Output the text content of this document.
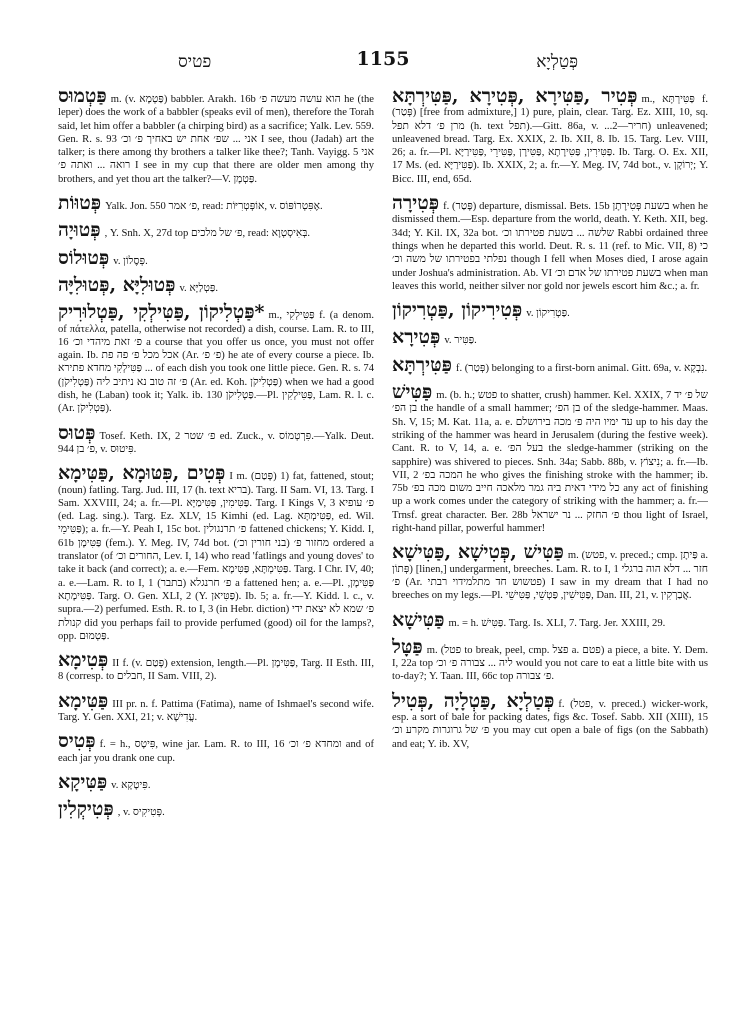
פטיס	1155	פְּטַלְיָא

פַּטְמוּס m. (v. פַּטְמָא) babbler. Arakh. 16b הוא עושה מעשה פ׳ he (the leper) does the work of a babbler (speaks evil of men), therefore the Torah said, let him offer a babbler (a chirping bird) as a sacrifice; Yalk. Lev. 559. Gen. R. s. 93 אני ... שפ׳ אחת יש באחיך פ׳ וכ׳ I see, thou (Jadah) art the talker; is there among thy brothers a talker like thee?; Tanh. Vayigg. 5 אני רואה ... ואתה פ׳ I see in my cup that there are older men among thy brothers, and yet thou art the talker?—V. פַּטְמָן.

פְּטוּוֹת Yalk. Jon. 550 פ׳ אמר, read: אוֹפְּטְרִיּוֹת, v. אֶפִּטְרוֹפּוֹס.

פְּטוּיָה , Y. Snh. X, 27d top פ׳ של מלכים, read: בְּאִיסְטְוָא.

פְּטוּלוֹס v. פְּסֶלוֹן.

פְּטוּלִיָּא ,פְּטוּלִיָּה v. פַּטְלַיָּא.

*פַּטְלִיקוֹן ,פַּטִּילְקִי ,פַּטְלוּרִיק m., פַּטִּילְקִי f. (a denom. of πάτελλα, patella, otherwise not recorded) a dish, course. Lam. R. to III, 16 פ׳ זאת מיהדי וכ׳ a course that you offer us once, you must not offer again. Ib. אכל מכל פ׳ פה פת (Ar. פ׳ פ׳) he ate of every course a piece. Ib. פַּטִּילְקִי מחדא פתירא ... of each dish you took one little piece. Gen. R. s. 74 (פַּטְלִיקֹן) פ׳ זה טוב נא ניתיב ליה (Ar. ed. Koh. פַּטְלִיקֹן) when we had a good dish, he (Laban) took it; Yalk. ib. 130 פַּטְלִיקֹן.—Pl. פַּטִּילְקִין, Lam. R. l. c. (Ar. פַּטְלִיקֹן).

פְּטוּס Tosef. Keth. IX, 2 פ׳ שטר ed. Zuck., v. פִּרְטְמוֹס.—Yalk. Deut. 944 פ׳ בן, v. פִּיטוּס.

פְּטִים ,פִּטּוּמָא ,פַּטִּימָא I m. (פָּטַם) 1) fat, fattened, stout; (noun) fatling. Targ. Jud. III, 17 (h. text בריא). Targ. II Sam. VI, 13. Targ. I Sam. XXVIII, 24; a. fr.—Pl. פַּטִּימִין, פַּטִּימַיָּא. Targ. I Kings V, 3 פ׳ עופיא (ed. Lag. sing.). Targ. Ez. XLV, 15 Kimhi (ed. Lag. פַּטִּימְתָּא, ed. Wil. פַּטִּימֵי); a. fr.—Y. Peah I, 15c bot. פ׳ תרנגולין fattened chickens; Y. Kidd. I, 61b פַּטִּימָן (fem.). Y. Meg. IV, 74d bot. מחזור פ׳ (בני חורין וכ׳) ordered a translator (of החורים וכ׳, Lev. I, 14) who read 'fatlings and young doves' to take it back (and correct); a. e.—Fem. פַּטִּימְתָּא, פַּטִּימָא. Targ. I Chr. IV, 40; a. e.—Lam. R. to I, 1 (בתבר) פ׳ חרנגלא a fattened hen; a. e.—Pl. פַּטִּימָן, פַּטִּימָתָא. Targ. O. Gen. XLI, 2 (Y. פַּטִּיאן). Ib. 5; a. fr.—Y. Kidd. l. c., v. supra.—2) perfumed. Esth. R. to I, 3 (in Hebr. diction) פ׳ שמא לא יצאת ידי קנולת did you perhaps fail to provide perfumed (good) oil for the lamps?, opp. פַּטְמוּם.

פְּטִימָא II f. (v. פָּטַם) extension, length.—Pl. פַּטִּימָן, Targ. II Esth. III, 8 (corresp. to חבלים, II Sam. VIII, 2).

פַּטִּימָא III pr. n. f. Pattima (Fatima), name of Ishmael's second wife. Targ. Y. Gen. XXI, 21; v. עֲדִישָׁא.

פְּטִיס f. = h., פִּיטָס, wine jar. Lam. R. to III, 16 ומחדא פ׳ וכ׳ and of each jar you drank one cup.

פַּטִּיקָא v. פִּיטָקָא.

פְּטִיקְלִין , v. פְּטִיקִיס.

פְּטִיר ,פַּטִּירָא ,פְּטִירָא ,פַּטִּירְתָּא m., פַּטִּירְתָּא f. (פְּטַר) [free from admixture,] 1) pure, plain, clear. Targ. Ez. XIII, 10, sq. מרן פ׳ דלא תפל (h. text תפל).—Gitt. 86a, v. ...חריר—2) unleavened; unleavened bread. Targ. Ex. XXIX, 2. Ib. XII, 8. Ib. 15. Targ. Lev. VIII, 26; a. fr.—Pl. פַּטִּירִין, פַּטִּירָתָא ,פַּטִּירָן ,פַּטִּירֵי ,פַּטִּירַיָּא. Ib. Targ. O. Ex. XII, 17 Ms. (ed. פַּטִּירַיָּא). Ib. XXIX, 2; a. fr.—Y. Meg. IV, 74d bot., v. יְרוֹקָן; Y. Bicc. III, end, 65d.

פְּטִירָה f. (פָּטַר) departure, dismissal. Bets. 15b בשעת פְּטִירָתָן when he dismissed them.—Esp. departure from the world, death. Y. Keth. XII, beg. 34d; Y. Kil. IX, 32a bot. שלשה ... בשעת פטירתו וכ׳ Rabbi ordained three things when he departed this world. Deut. R. s. 11 (ref. to Mic. VII, 8) כי נפלתי בפטירתו של משה וכ׳ though I fell when Moses died, I arose again under Joshua's administration. Ab. VI בשעת פטירתו של אדם וכ׳ when man leaves this world, neither silver nor gold nor jewels escort him &c.; a. fr.

פְּטִירִיקוֹן ,פַּטְרִיקוֹן v. פַּטְרִיקוֹן.

פְּטִירָא v. פַּטִּיר.

פַּטִּירְתָּא f. (פְּטַר) belonging to a first-born animal. Gitt. 69a, v. נִבְקָא.

פַּטִּישׁ m. (b. h.; פטש to shatter, crush) hammer. Kel. XXIX, 7 של פ׳ יד בן הפ׳ the handle of a small hammer; בן הפ׳ of the sledge-hammer. Maas. Sh. V, 15; M. Kat. 11a, a. e. עד ימיו היה פ׳ מכה בירושלם up to his day the striking of the hammer was heard in Jerusalem (during the festive week). Cant. R. to V, 14, a. e. בעל הפ׳ the sledge-hammer (striking on the sapphire) was shivered to pieces. Snh. 34a; Sabb. 88b, v. נִיצוֹץ; a. fr.—Ib. VII, 2 המכה בפ׳ he who gives the finishing stroke with the hammer; ib. 75b כל מידי דאית ביה גמר מלאכה חייב משום מכה בפ׳ any act of finishing up a work comes under the category of striking with the hammer; a. fr.—Trnsf. great character. Ber. 28b פ׳ החזק ... נר ישראל thou light of Israel, right-hand pillar, powerful hammer!

פַּטִּישׁ ,פְּטִישָׁא ,פַּטִּישָׁא m. (פטש, v. preced.; cmp. פַּיתָן a. פְּתוֹן) [linen,] undergarment, breeches. Lam. R. to I, 1 חזר ... דלא הוה ברגלי פ׳ (Ar. פטשוש חד מתלמידוי רבתי) I saw in my dream that I had no breeches on my legs.—Pl. פַּטִּישִׁין, פַּטְשֵׁי, פַּטִּישֵׁי, Dan. III, 21, v. אֲבַרְקִין.

פַּטִּישָׁא m. = h. פַּטִּישׁ. Targ. Is. XLI, 7. Targ. Jer. XXIII, 29.

פַּטָּל m. (פטל to break, peel, cmp. פצל a. פטם) a piece, a bite. Y. Dem. I, 22a top ליה ... צבורה פ׳ וכ׳ would you not care to eat a little bite with us to-day?; Y. Taan. III, 66c top פ׳ צבורה.

פְּטַלְיָא ,פַּטְלָיָה ,פְּטִיל f. (פטל, v. preced.) wicker-work, esp. a sort of bale for packing dates, figs &c. Tosef. Sabb. XII (XIII), 15 פ׳ של גרוגרות מקרע וכ׳ you may cut open a bale of figs (on the Sabbath) and eat; Y. ib. XV,
